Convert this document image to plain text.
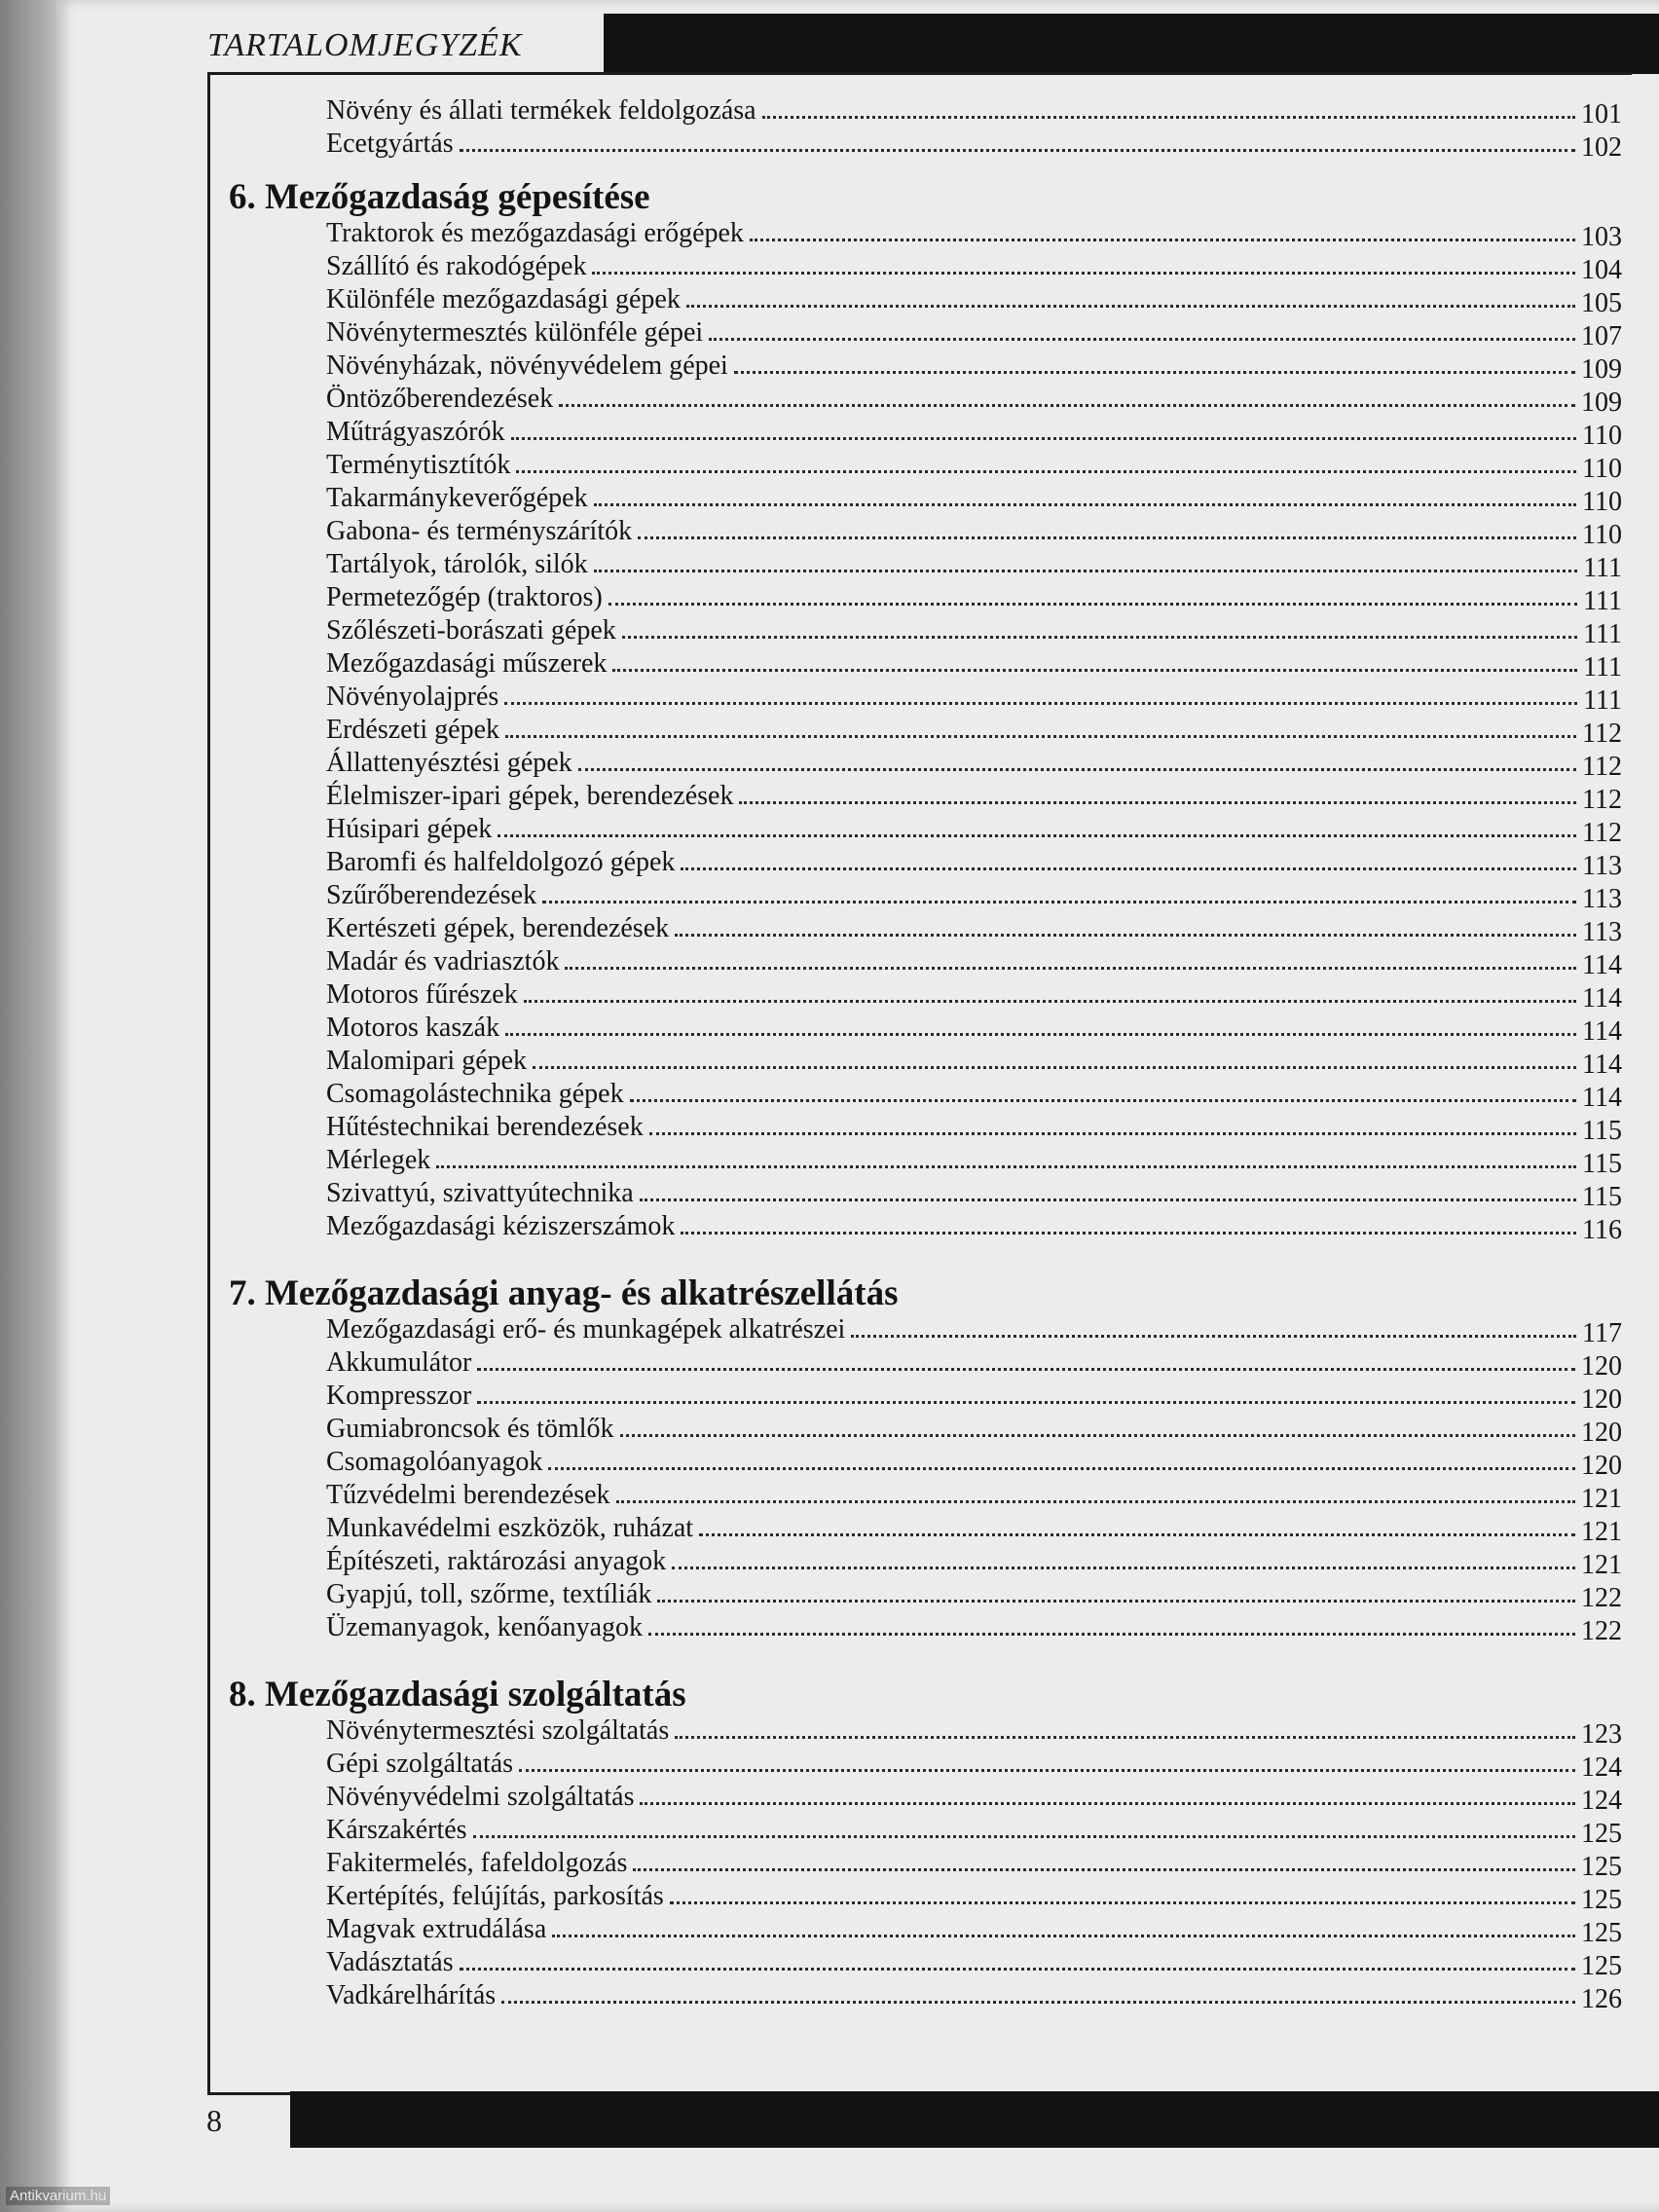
TARTALOMJEGYZÉK
Növény és állati termékek feldolgozása	101
Ecetgyártás	102
6. Mezőgazdaság gépesítése
Traktorok és mezőgazdasági erőgépek	103
Szállító és rakodógépek	104
Különféle mezőgazdasági gépek	105
Növénytermesztés különféle gépei	107
Növényházak, növényvédelem gépei	109
Öntözőberendezések	109
Műtrágyaszórók	110
Terménytisztítók	110
Takarmánykeverőgépek	110
Gabona- és terményszárítók	110
Tartályok, tárolók, silók	111
Permetezőgép (traktoros)	111
Szőlészeti-borászati gépek	111
Mezőgazdasági műszerek	111
Növényolajprés	111
Erdészeti gépek	112
Állattenyésztési gépek	112
Élelmiszer-ipari gépek, berendezések	112
Húsipari gépek	112
Baromfi és halfeldolgozó gépek	113
Szűrőberendezések	113
Kertészeti gépek, berendezések	113
Madár és vadriasztók	114
Motoros fűrészek	114
Motoros kaszák	114
Malomipari gépek	114
Csomagolástechnika gépek	114
Hűtéstechnikai berendezések	115
Mérlegek	115
Szivattyú, szivattyútechnika	115
Mezőgazdasági kéziszerszámok	116
7. Mezőgazdasági anyag- és alkatrészellátás
Mezőgazdasági erő- és munkagépek alkatrészei	117
Akkumulátor	120
Kompresszor	120
Gumiabroncsok és tömlők	120
Csomagolóanyagok	120
Tűzvédelmi berendezések	121
Munkavédelmi eszközök, ruházat	121
Építészeti, raktározási anyagok	121
Gyapjú, toll, szőrme, textíliák	122
Üzemanyagok, kenőanyagok	122
8. Mezőgazdasági szolgáltatás
Növénytermesztési szolgáltatás	123
Gépi szolgáltatás	124
Növényvédelmi szolgáltatás	124
Kárszakértés	125
Fakitermelés, fafeldolgozás	125
Kertépítés, felújítás, parkosítás	125
Magvak extrudálása	125
Vadásztatás	125
Vadkárelhárítás	126
8
Antikvarium.hu
